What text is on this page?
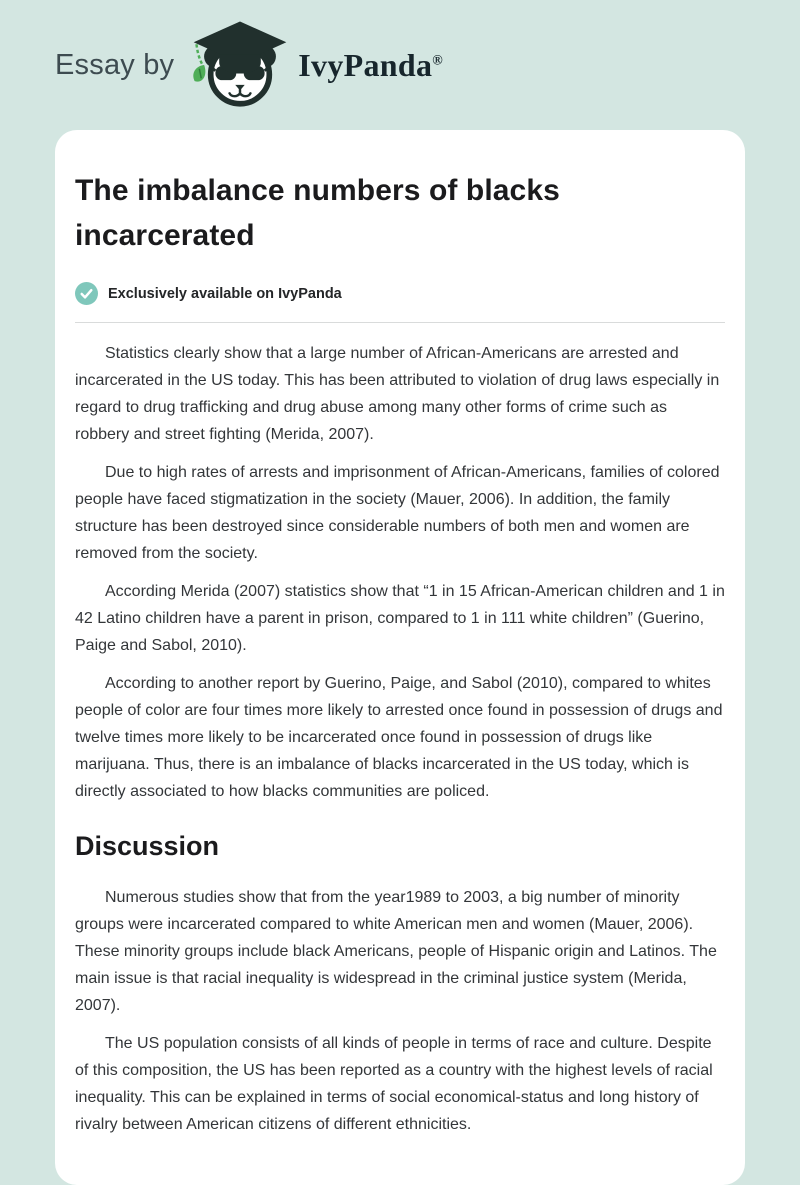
Essay by	IvyPanda®
The imbalance numbers of blacks incarcerated
Exclusively available on IvyPanda

Statistics clearly show that a large number of African-Americans are arrested and incarcerated in the US today. This has been attributed to violation of drug laws especially in regard to drug trafficking and drug abuse among many other forms of crime such as robbery and street fighting (Merida, 2007).

Due to high rates of arrests and imprisonment of African-Americans, families of colored people have faced stigmatization in the society (Mauer, 2006). In addition, the family structure has been destroyed since considerable numbers of both men and women are removed from the society.

According Merida (2007) statistics show that “1 in 15 African-American children and 1 in 42 Latino children have a parent in prison, compared to 1 in 111 white children” (Guerino, Paige and Sabol, 2010).

According to another report by Guerino, Paige, and Sabol (2010), compared to whites people of color are four times more likely to arrested once found in possession of drugs and twelve times more likely to be incarcerated once found in possession of drugs like marijuana. Thus, there is an imbalance of blacks incarcerated in the US today, which is directly associated to how blacks communities are policed.

Discussion

Numerous studies show that from the year1989 to 2003, a big number of minority groups were incarcerated compared to white American men and women (Mauer, 2006). These minority groups include black Americans, people of Hispanic origin and Latinos. The main issue is that racial inequality is widespread in the criminal justice system (Merida, 2007).

The US population consists of all kinds of people in terms of race and culture. Despite of this composition, the US has been reported as a country with the highest levels of racial inequality. This can be explained in terms of social economical-status and long history of rivalry between American citizens of different ethnicities.
